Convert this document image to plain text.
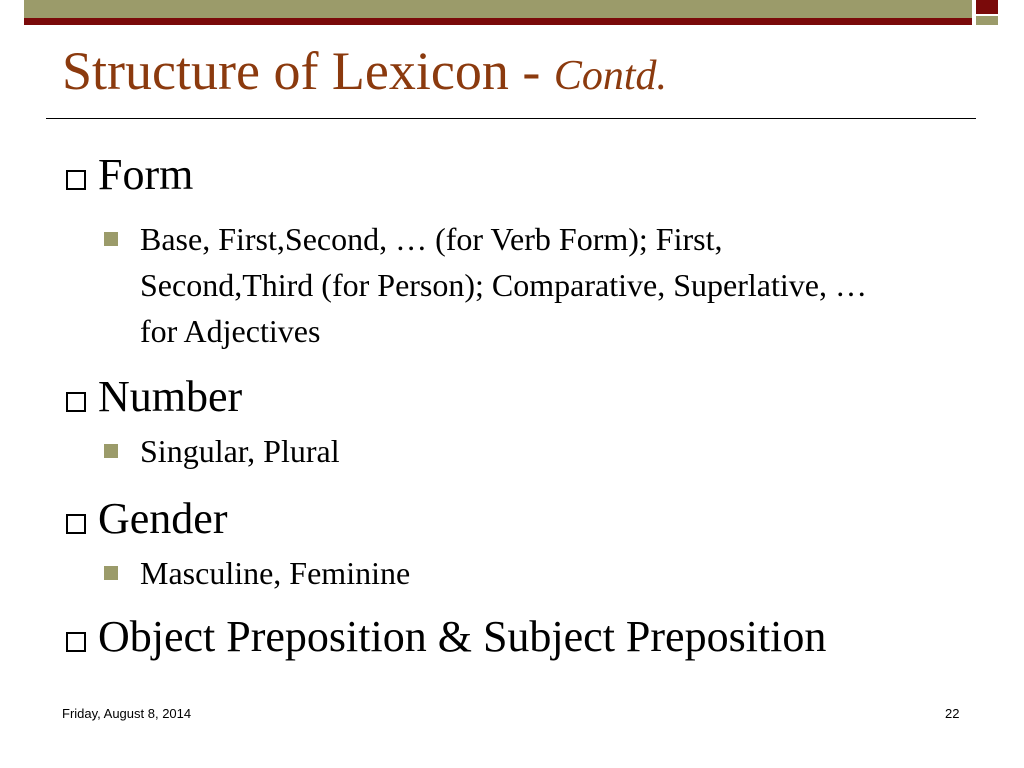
Structure of Lexicon - Contd.
Form
Base, First,Second, … (for Verb Form); First, Second,Third (for Person); Comparative, Superlative, … for Adjectives
Number
Singular, Plural
Gender
Masculine, Feminine
Object Preposition & Subject Preposition
Friday, August 8, 2014	22
